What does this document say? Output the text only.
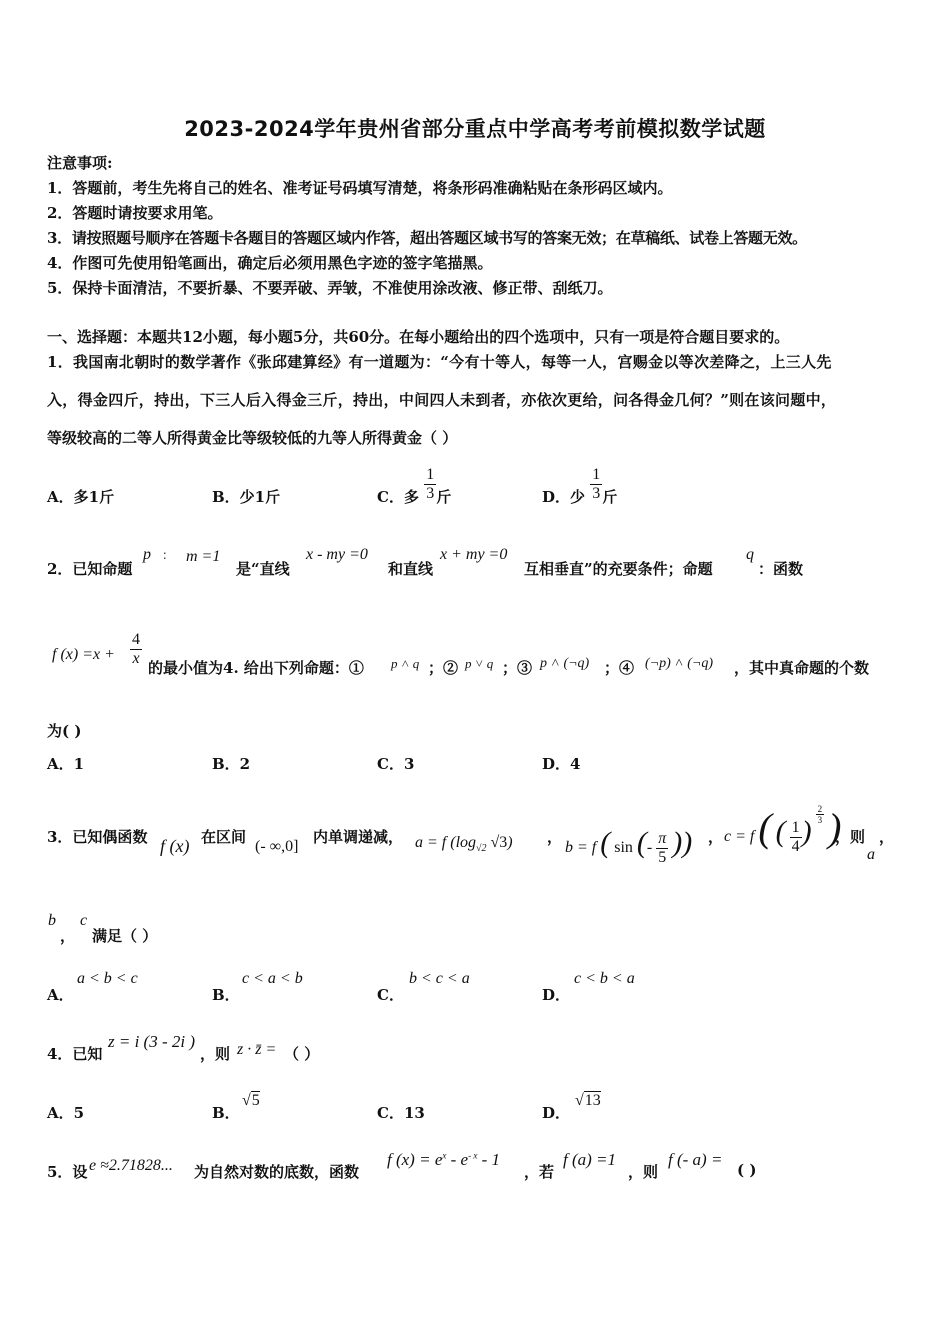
2023-2024学年贵州省部分重点中学高考考前模拟数学试题
注意事项:
1．答题前，考生先将自己的姓名、准考证号码填写清楚，将条形码准确粘贴在条形码区域内。
2．答题时请按要求用笔。
3．请按照题号顺序在答题卡各题目的答题区域内作答，超出答题区域书写的答案无效；在草稿纸、试卷上答题无效。
4．作图可先使用铅笔画出，确定后必须用黑色字迹的签字笔描黑。
5．保持卡面清洁，不要折暴、不要弄破、弄皱，不准使用涂改液、修正带、刮纸刀。
一、选择题：本题共12小题，每小题5分，共60分。在每小题给出的四个选项中，只有一项是符合题目要求的。
1．我国南北朝时的数学著作《张邱建算经》有一道题为：“今有十等人，每等一人，宫赐金以等次差降之，上三人先
入，得金四斤，持出，下三人后入得金三斤，持出，中间四人未到者，亦依次更给，问各得金几何？”则在该问题中，
等级较高的二等人所得黄金比等级较低的九等人所得黄金（ ）
A．多1斤	B．少1斤	C．多 $\frac{1}{3}$ 斤	D．少 $\frac{1}{3}$ 斤
2．已知命题
p ： m =1
是“直线
x - my =0
和直线
x + my =0
互相垂直”的充要条件；命题
q
：函数
f $(x) =x + \frac{4}{x}$ 的最小值为4. 给出下列命题：① p ˄ q ；② p ˅ q ；③ p ˄ (¬q) ；④ (¬p) ˄ (¬q) ，其中真命题的个数
为( )
A．1	B．2	C．3	D．4
3．已知偶函数 f (x) 在区间
(- ∞,0]
内单调递减， a = f ($\log_{√2}$ √3) ，
b = f ( sin (- $\frac{\pi}{5}$ )) ， c = f ( ( $\frac{1}{4}$ )
$\frac{2}{3}$ )
，则
a
，
b
，
c
满足（ ）
A．
a < b < c
B．
c < a < b
C．
b < c < a
D．
c < b < a
4．已知
z = i (3 - 2i )
，则 z · z̄ = （ ）
A．5	B．
√5
C．13	D．
√13
5．设 e ≈2.71828... 为自然对数的底数，函数
f $(x) = e^x - e^{- x} - 1$
，若
f (a) =1
，则
f (- a) =
( )
